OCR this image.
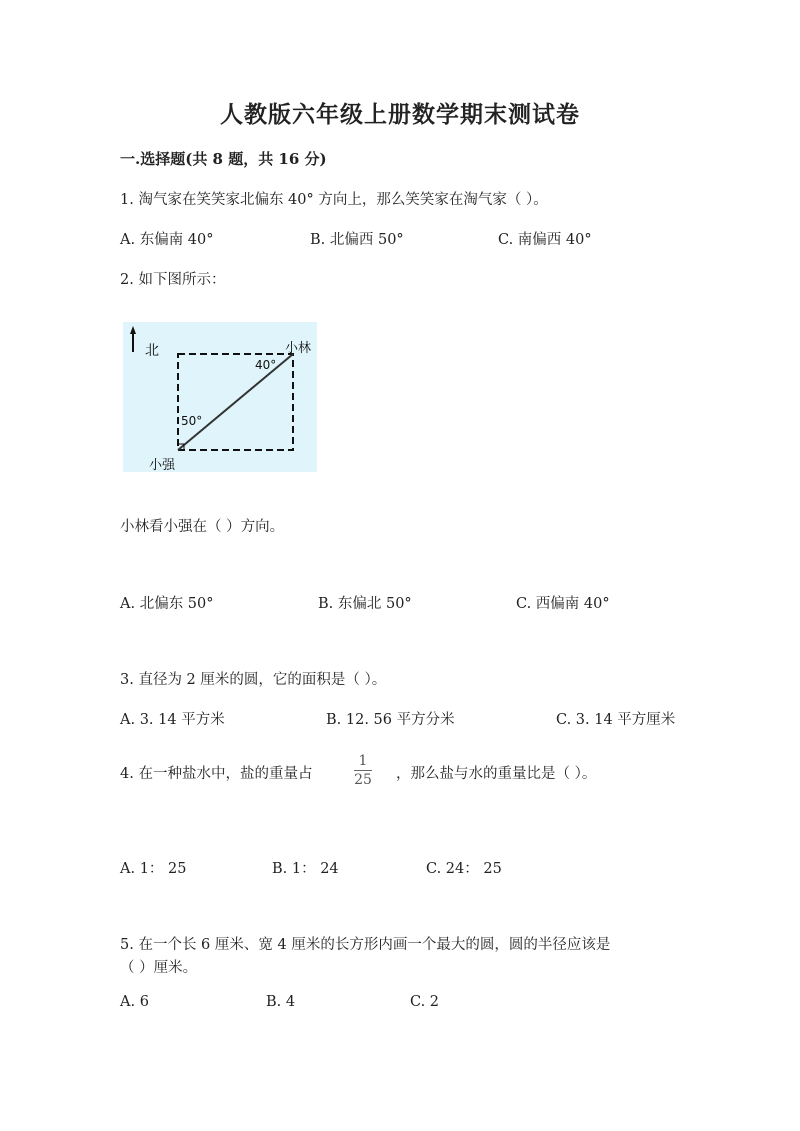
人教版六年级上册数学期末测试卷
一.选择题(共 8 题，共 16 分)
1. 淘气家在笑笑家北偏东 40° 方向上，那么笑笑家在淘气家（ ）。
A. 东偏南 40°	B. 北偏西 50°	C. 南偏西 40°
2. 如下图所示：
北	小林
40°
50°
小强
小林看小强在（ ）方向。
A. 北偏东 50°	B. 东偏北 50°	C. 西偏南 40°
3. 直径为 2 厘米的圆，它的面积是（ ）。
A. 3. 14 平方米	B. 12. 56 平方分米	C. 3. 14 平方厘米
4. 在一种盐水中，盐的重量占
1
25 ，那么盐与水的重量比是（ ）。
A. 1： 25	B. 1： 24	C. 24： 25
5. 在一个长 6 厘米、宽 4 厘米的长方形内画一个最大的圆，圆的半径应该是
（ ）厘米。
A. 6	B. 4	C. 2
